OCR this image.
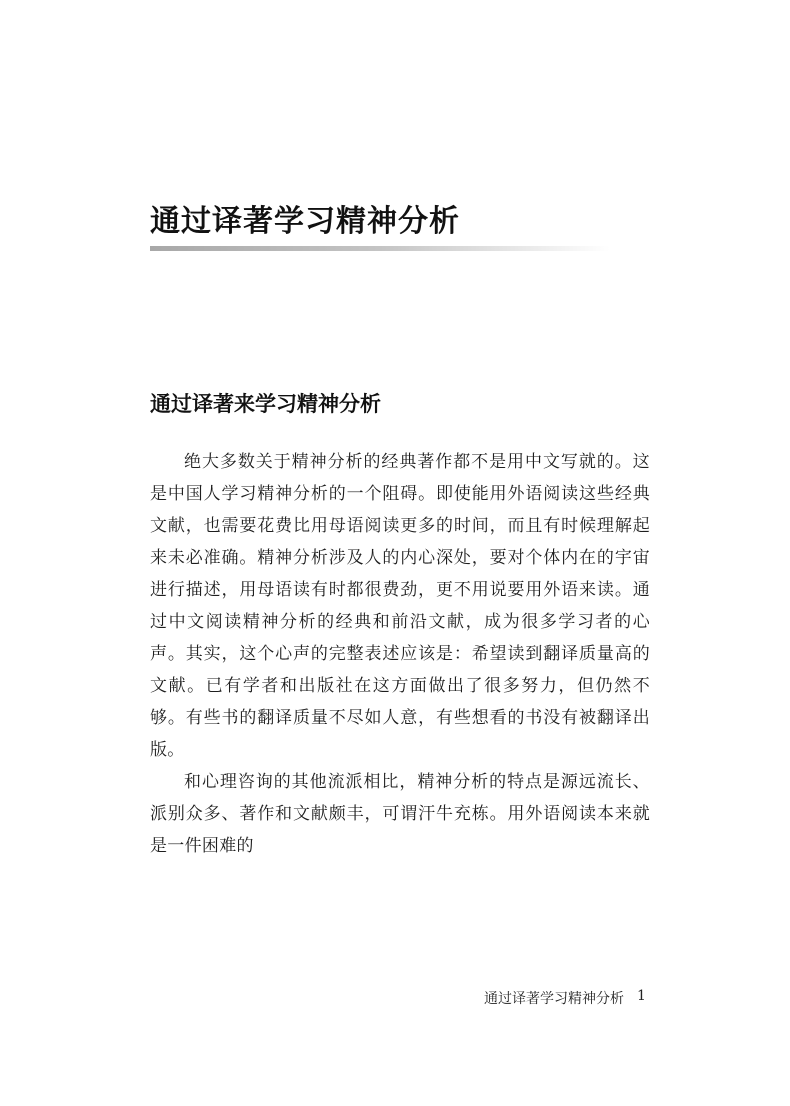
通过译著学习精神分析
通过译著来学习精神分析

绝大多数关于精神分析的经典著作都不是用中文写就的。这是中国人学习精神分析的一个阻碍。即使能用外语阅读这些经典文献，也需要花费比用母语阅读更多的时间，而且有时候理解起来未必准确。精神分析涉及人的内心深处，要对个体内在的宇宙进行描述，用母语读有时都很费劲，更不用说要用外语来读。通过中文阅读精神分析的经典和前沿文献，成为很多学习者的心声。其实，这个心声的完整表述应该是：希望读到翻译质量高的文献。已有学者和出版社在这方面做出了很多努力，但仍然不够。有些书的翻译质量不尽如人意，有些想看的书没有被翻译出版。

和心理咨询的其他流派相比，精神分析的特点是源远流长、派别众多、著作和文献颇丰，可谓汗牛充栋。用外语阅读本来就是一件困难的

通过译著学习精神分析 1
